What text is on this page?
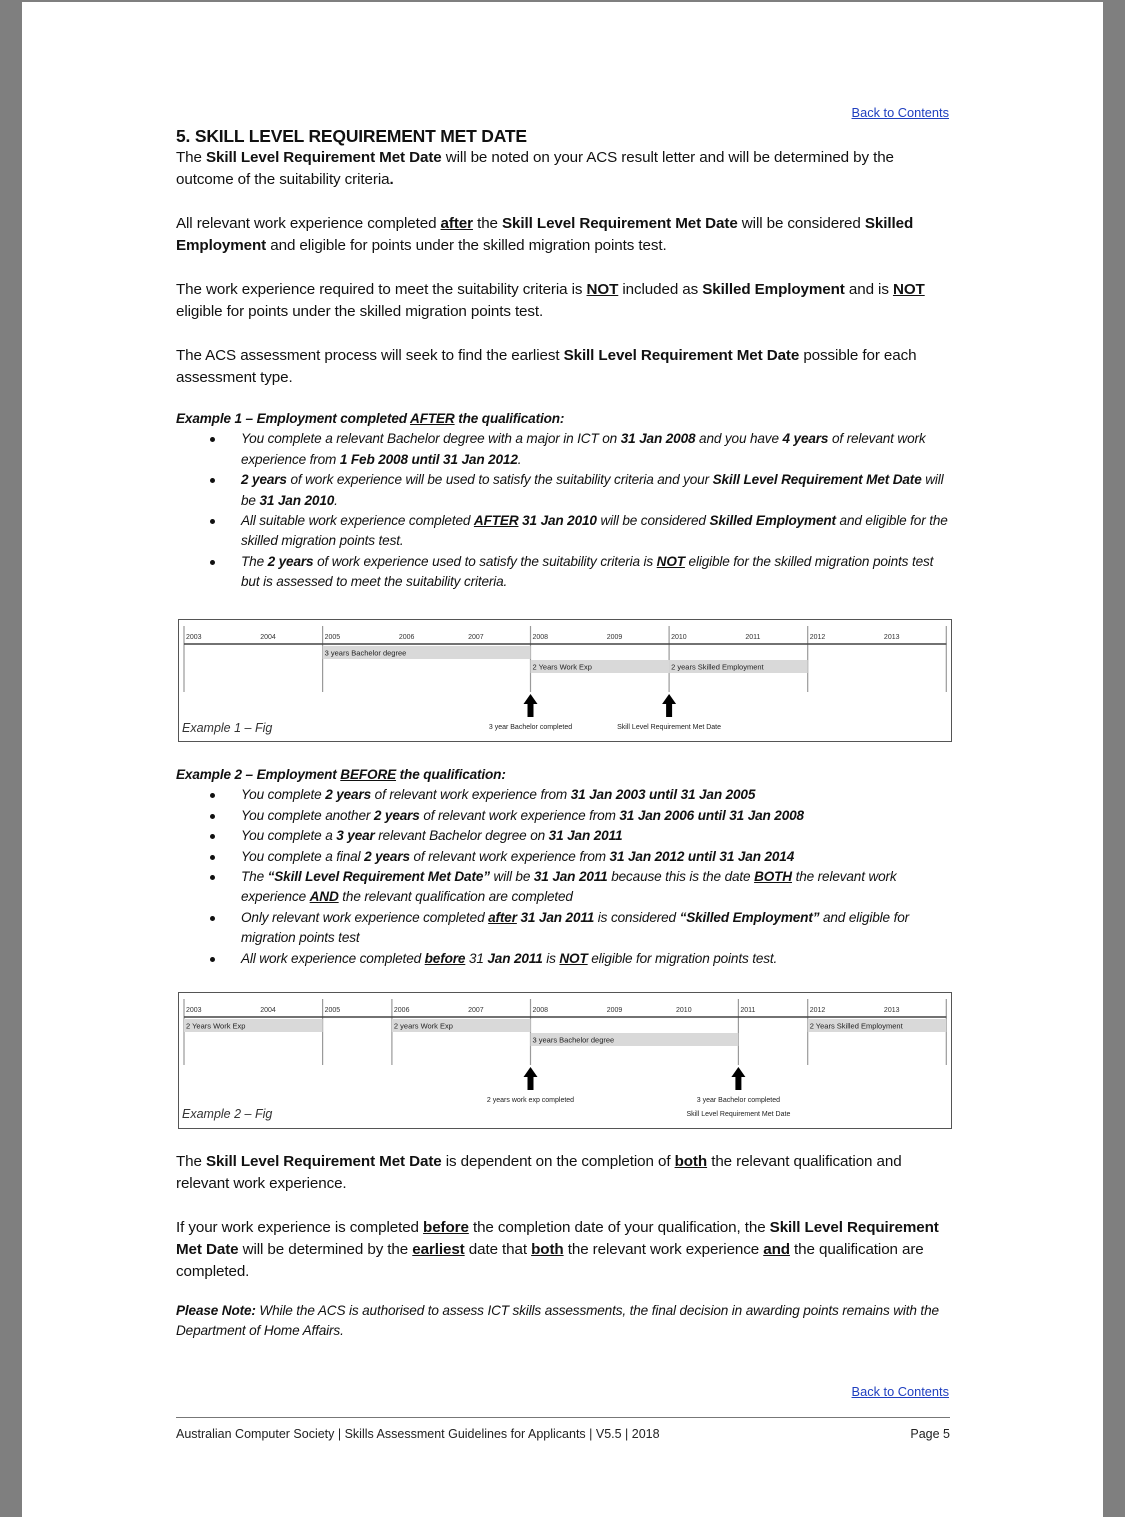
Back to Contents
5. SKILL LEVEL REQUIREMENT MET DATE

The Skill Level Requirement Met Date will be noted on your ACS result letter and will be determined by the outcome of the suitability criteria.

All relevant work experience completed after the Skill Level Requirement Met Date will be considered Skilled Employment and eligible for points under the skilled migration points test.

The work experience required to meet the suitability criteria is NOT included as Skilled Employment and is NOT eligible for points under the skilled migration points test.

The ACS assessment process will seek to find the earliest Skill Level Requirement Met Date possible for each assessment type.

Example 1 – Employment completed AFTER the qualification:

You complete a relevant Bachelor degree with a major in ICT on 31 Jan 2008 and you have 4 years of relevant work experience from 1 Feb 2008 until 31 Jan 2012.
2 years of work experience will be used to satisfy the suitability criteria and your Skill Level Requirement Met Date will be 31 Jan 2010.
All suitable work experience completed AFTER 31 Jan 2010 will be considered Skilled Employment and eligible for the skilled migration points test.
The 2 years of work experience used to satisfy the suitability criteria is NOT eligible for the skilled migration points test but is assessed to meet the suitability criteria.
3 years Bachelor degree
2 Years Work Exp	2 years Skilled Employment
2003	2004	2005	2006	2007	2008	2009	2010	2011	2012	2013
3 year Bachelor completed	Skill Level Requirement Met Date
Example 1 – Fig

Example 2 – Employment BEFORE the qualification:

You complete 2 years of relevant work experience from 31 Jan 2003 until 31 Jan 2005
You complete another 2 years of relevant work experience from 31 Jan 2006 until 31 Jan 2008
You complete a 3 year relevant Bachelor degree on 31 Jan 2011
You complete a final 2 years of relevant work experience from 31 Jan 2012 until 31 Jan 2014
The “Skill Level Requirement Met Date” will be 31 Jan 2011 because this is the date BOTH the relevant work experience AND the relevant qualification are completed
Only relevant work experience completed after 31 Jan 2011 is considered “Skilled Employment” and eligible for migration points test
All work experience completed before 31 Jan 2011 is NOT eligible for migration points test.
2 Years Work Exp	2 years Work Exp
3 years Bachelor degree
2 Years Skilled Employment
2003	2004	2005	2006	2007	2008	2009	2010	2011	2012	2013
2 years work exp completed	3 year Bachelor completed
Skill Level Requirement Met Date
Example 2 – Fig

The Skill Level Requirement Met Date is dependent on the completion of both the relevant qualification and relevant work experience.

If your work experience is completed before the completion date of your qualification, the Skill Level Requirement Met Date will be determined by the earliest date that both the relevant work experience and the qualification are completed.

Please Note: While the ACS is authorised to assess ICT skills assessments, the final decision in awarding points remains with the Department of Home Affairs.

Back to Contents
Australian Computer Society | Skills Assessment Guidelines for Applicants | V5.5 | 2018	Page 5
